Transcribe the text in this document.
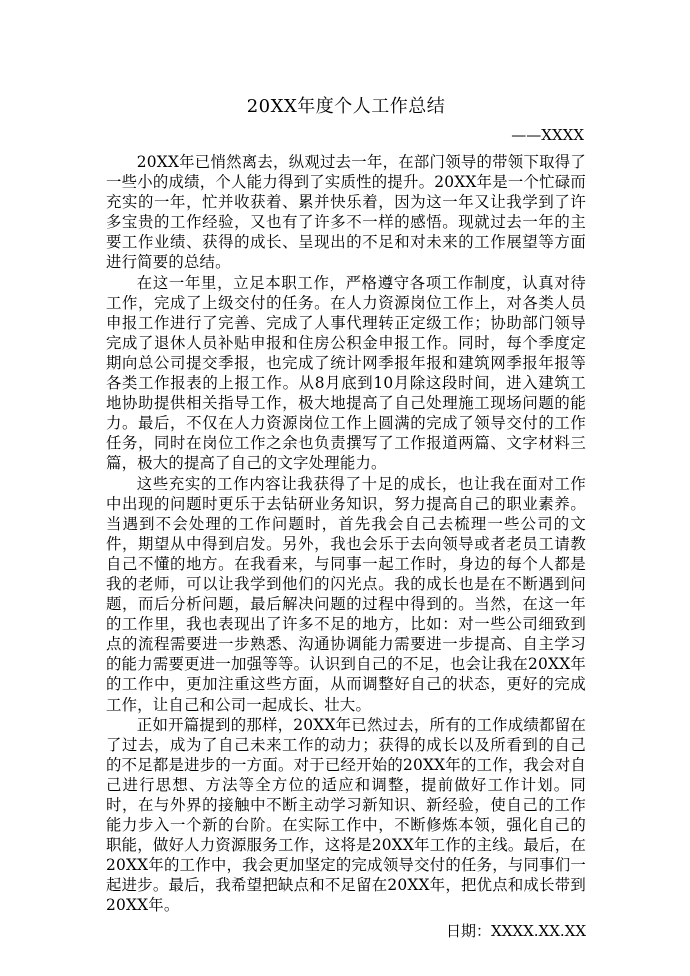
20XX年度个人工作总结
——XXXX

20XX年已悄然离去，纵观过去一年，在部门领导的带领下取得了一些小的成绩，个人能力得到了实质性的提升。20XX年是一个忙碌而充实的一年，忙并收获着、累并快乐着，因为这一年又让我学到了许多宝贵的工作经验，又也有了许多不一样的感悟。现就过去一年的主要工作业绩、获得的成长、呈现出的不足和对未来的工作展望等方面进行简要的总结。

在这一年里，立足本职工作，严格遵守各项工作制度，认真对待工作，完成了上级交付的任务。在人力资源岗位工作上，对各类人员申报工作进行了完善、完成了人事代理转正定级工作；协助部门领导完成了退休人员补贴申报和住房公积金申报工作。同时，每个季度定期向总公司提交季报，也完成了统计网季报年报和建筑网季报年报等各类工作报表的上报工作。从8月底到10月除这段时间，进入建筑工地协助提供相关指导工作，极大地提高了自己处理施工现场问题的能力。最后，不仅在人力资源岗位工作上圆满的完成了领导交付的工作任务，同时在岗位工作之余也负责撰写了工作报道两篇、文字材料三篇，极大的提高了自己的文字处理能力。

这些充实的工作内容让我获得了十足的成长，也让我在面对工作中出现的问题时更乐于去钻研业务知识，努力提高自己的职业素养。当遇到不会处理的工作问题时，首先我会自己去梳理一些公司的文件，期望从中得到启发。另外，我也会乐于去向领导或者老员工请教自己不懂的地方。在我看来，与同事一起工作时，身边的每个人都是我的老师，可以让我学到他们的闪光点。我的成长也是在不断遇到问题，而后分析问题，最后解决问题的过程中得到的。当然，在这一年的工作里，我也表现出了许多不足的地方，比如：对一些公司细致到点的流程需要进一步熟悉、沟通协调能力需要进一步提高、自主学习的能力需要更进一加强等等。认识到自己的不足，也会让我在20XX年的工作中，更加注重这些方面，从而调整好自己的状态，更好的完成工作，让自己和公司一起成长、壮大。

正如开篇提到的那样，20XX年已然过去，所有的工作成绩都留在了过去，成为了自己未来工作的动力；获得的成长以及所看到的自己的不足都是进步的一方面。对于已经开始的20XX年的工作，我会对自己进行思想、方法等全方位的适应和调整，提前做好工作计划。同时，在与外界的接触中不断主动学习新知识、新经验，使自己的工作能力步入一个新的台阶。在实际工作中，不断修炼本领，强化自己的职能，做好人力资源服务工作，这将是20XX年工作的主线。最后，在20XX年的工作中，我会更加坚定的完成领导交付的任务，与同事们一起进步。最后，我希望把缺点和不足留在20XX年，把优点和成长带到20XX年。

日期：XXXX.XX.XX
